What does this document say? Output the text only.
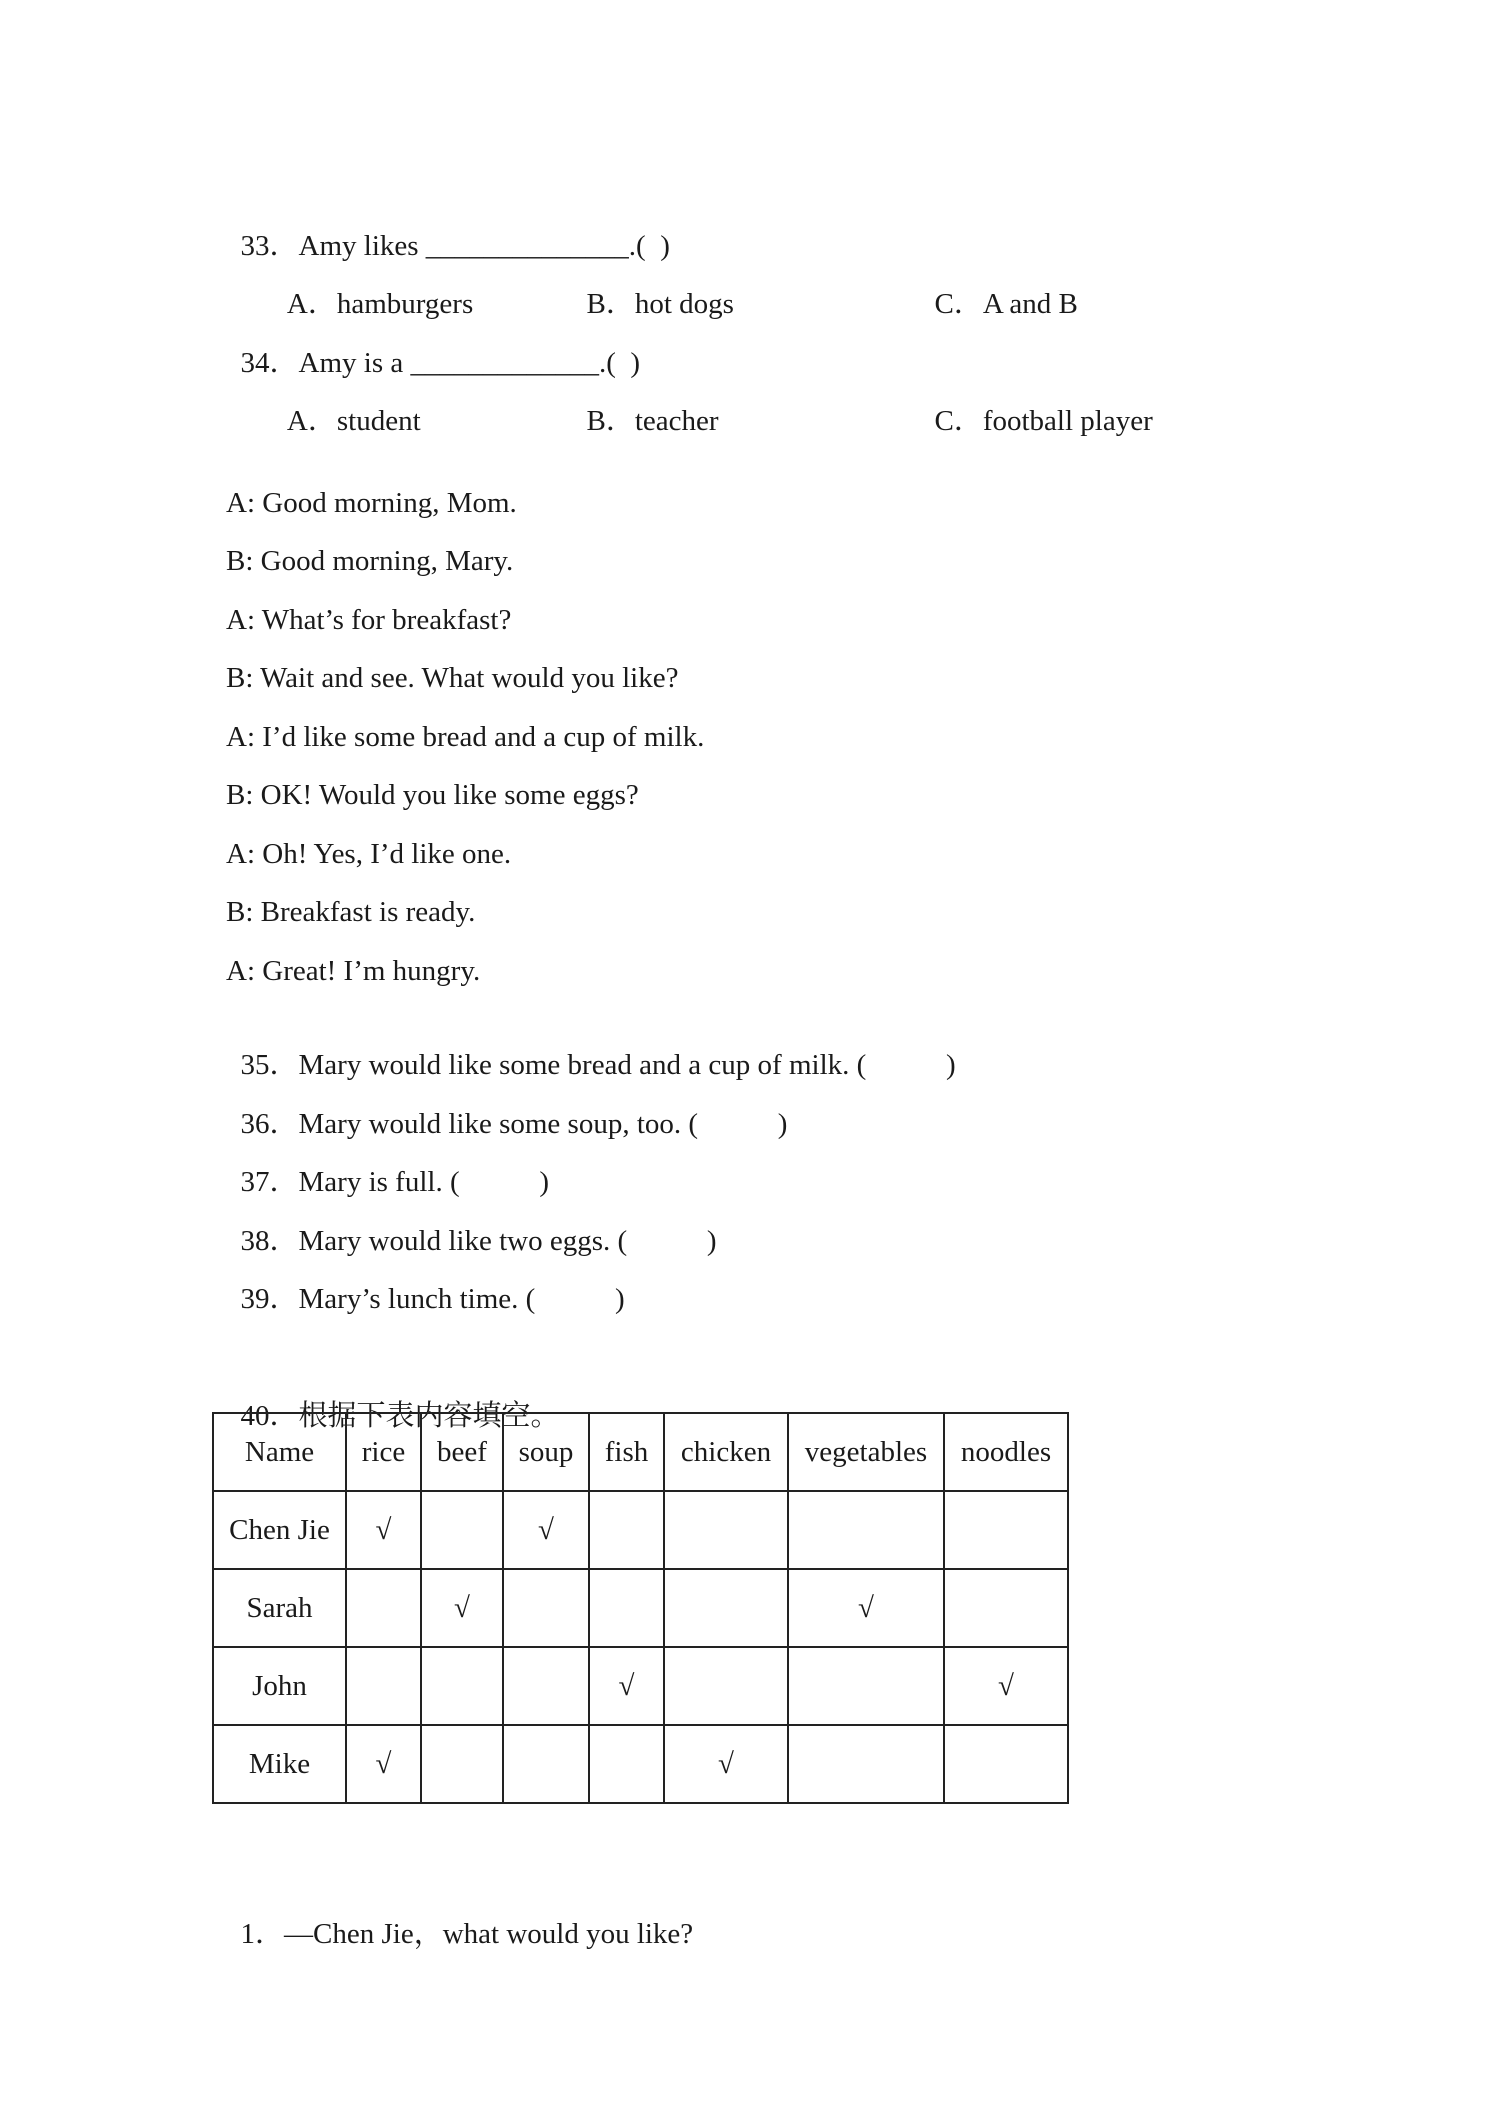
33．Amy likes ______________.(  )

A．hamburgers	B．hot dogs	C．A and B

34．Amy is a _____________.(  )

A．student	B．teacher	C．football player

A: Good morning, Mom.
B: Good morning, Mary.
A: What’s for breakfast?
B: Wait and see. What would you like?
A: I’d like some bread and a cup of milk.
B: OK! Would you like some eggs?
A: Oh! Yes, I’d like one.
B: Breakfast is ready.
A: Great! I’m hungry.

35．Mary would like some bread and a cup of milk. (           )

36．Mary would like some soup, too. (           )

37．Mary is full. (           )

38．Mary would like two eggs. (           )

39．Mary’s lunch time. (           )

40．根据下表内容填空。

Name	rice	beef	soup	fish	chicken	vegetables	noodles
Chen Jie	√		√				
Sarah		√				√	
John				√			√
Mike	√				√		

1．—Chen Jie，what would you like?
